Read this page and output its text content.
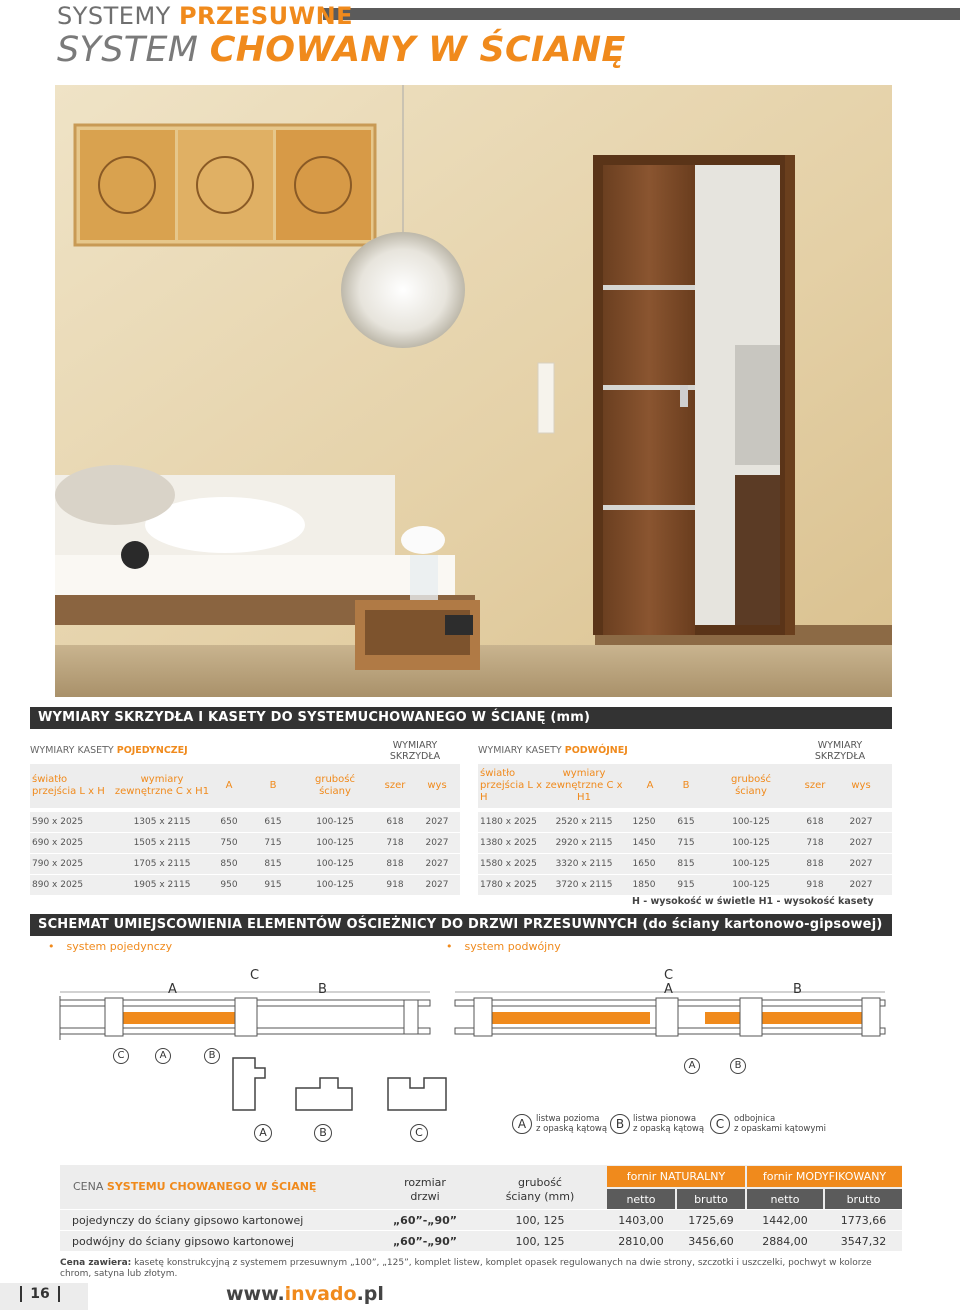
SYSTEMY PRZESUWNE
SYSTEM CHOWANY W ŚCIANĘ
WYMIARY SKRZYDŁA I KASETY DO SYSTEMUCHOWANEGO W ŚCIANĘ (mm)
WYMIARY KASETY POJEDYNCZEJ	WYMIARY SKRZYDŁA
światło przejścia L x H
wymiary zewnętrzne C x H1
A	B
grubość ściany
szer	wys
590 x 2025	1305 x 2115	650	615	100-125	618	2027
690 x 2025	1505 x 2115	750	715	100-125	718	2027
790 x 2025	1705 x 2115	850	815	100-125	818	2027
890 x 2025	1905 x 2115	950	915	100-125	918	2027
WYMIARY KASETY PODWÓJNEJ	WYMIARY SKRZYDŁA
światło przejścia L x H
wymiary zewnętrzne C x H1
A	B
grubość ściany
szer	wys
1180 x 2025	2520 x 2115	1250	615	100-125	618	2027
1380 x 2025	2920 x 2115	1450	715	100-125	718	2027
1580 x 2025	3320 x 2115	1650	815	100-125	818	2027
1780 x 2025	3720 x 2115	1850	915	100-125	918	2027
H - wysokość w świetle H1 - wysokość kasety
SCHEMAT UMIEJSCOWIENIA ELEMENTÓW OŚCIEŻNICY DO DRZWI PRZESUWNYCH (do ściany kartonowo-gipsowej)
• system pojedynczy
•	system podwójny
C
A	B
C
A	B
C	A	B
A	B
A	B	C
A	listwa pozioma
z opaską kątową B	listwa pionowa
z opaską kątową C	odbojnica
z opaskami kątowymi
CENA SYSTEMU CHOWANEGO W ŚCIANĘ	rozmiar
drzwi
grubość
ściany (mm)
fornir
NATURALNY	fornir
MODYFIKOWANY
netto	brutto	netto	brutto
pojedynczy do ściany gipsowo kartonowej	„60”-„90”	100, 125	1403,00	1725,69	1442,00	1773,66
podwójny do ściany gipsowo kartonowej	„60”-„90”	100, 125	2810,00	3456,60	2884,00	3547,32
Cena zawiera: kasetę konstrukcyjną z systemem przesuwnym „100”, „125”, komplet listew, komplet opasek regulowanych na dwie strony, szczotki i uszczelki, pochwyt w kolorze chrom, satyna lub złotym.
16	www.invado.pl
